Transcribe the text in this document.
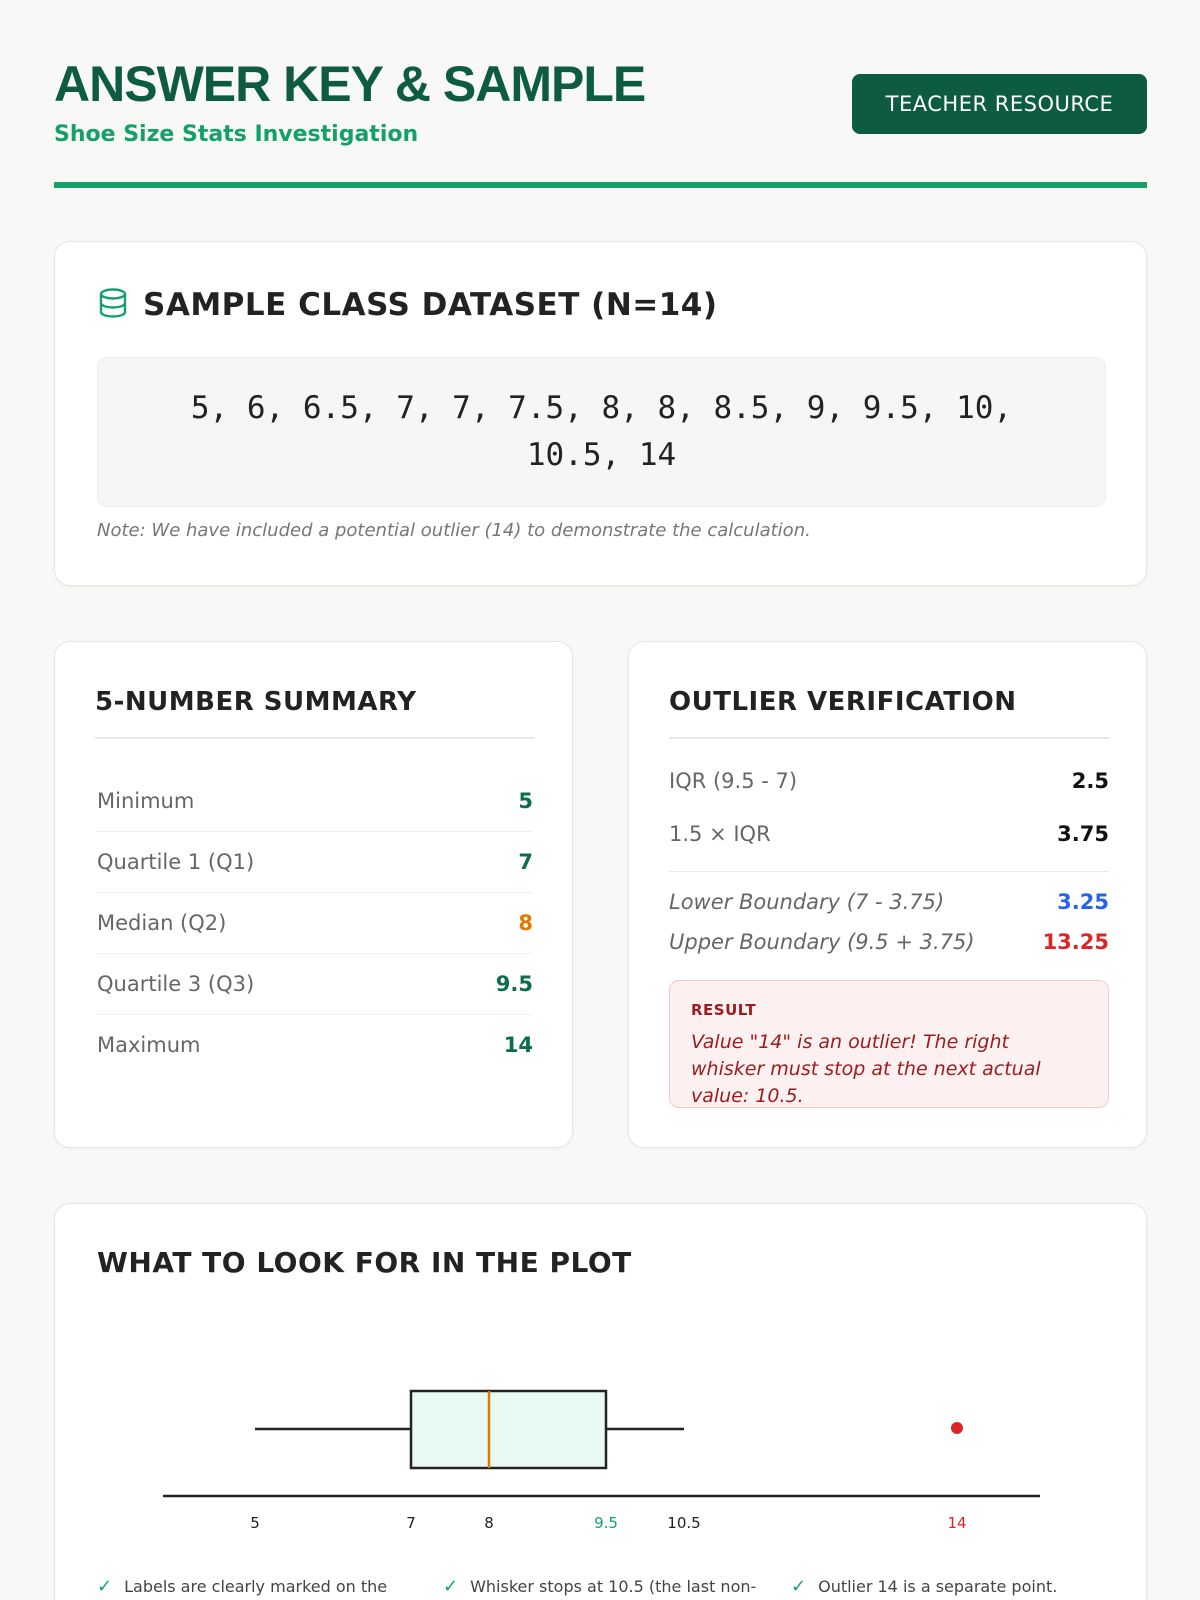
ANSWER KEY & SAMPLE
Shoe Size Stats Investigation
TEACHER RESOURCE
SAMPLE CLASS DATASET (N=14)
5, 6, 6.5, 7, 7, 7.5, 8, 8, 8.5, 9, 9.5, 10,
10.5, 14
Note: We have included a potential outlier (14) to demonstrate the calculation.
5-NUMBER SUMMARY
Minimum	5
Quartile 1 (Q1)	7
Median (Q2)	8
Quartile 3 (Q3)	9.5
Maximum	14
OUTLIER VERIFICATION
IQR (9.5 - 7)	2.5
1.5 × IQR	3.75
Lower Boundary (7 - 3.75)	3.25
Upper Boundary (9.5 + 3.75)	13.25
RESULT
Value "14" is an outlier! The right whisker must stop at the next actual value: 10.5.
WHAT TO LOOK FOR IN THE PLOT
5	7	8	9.5	10.5	14
✓ Labels are clearly marked on the	✓ Whisker stops at 10.5 (the last non- ✓ Outlier 14 is a separate point.
